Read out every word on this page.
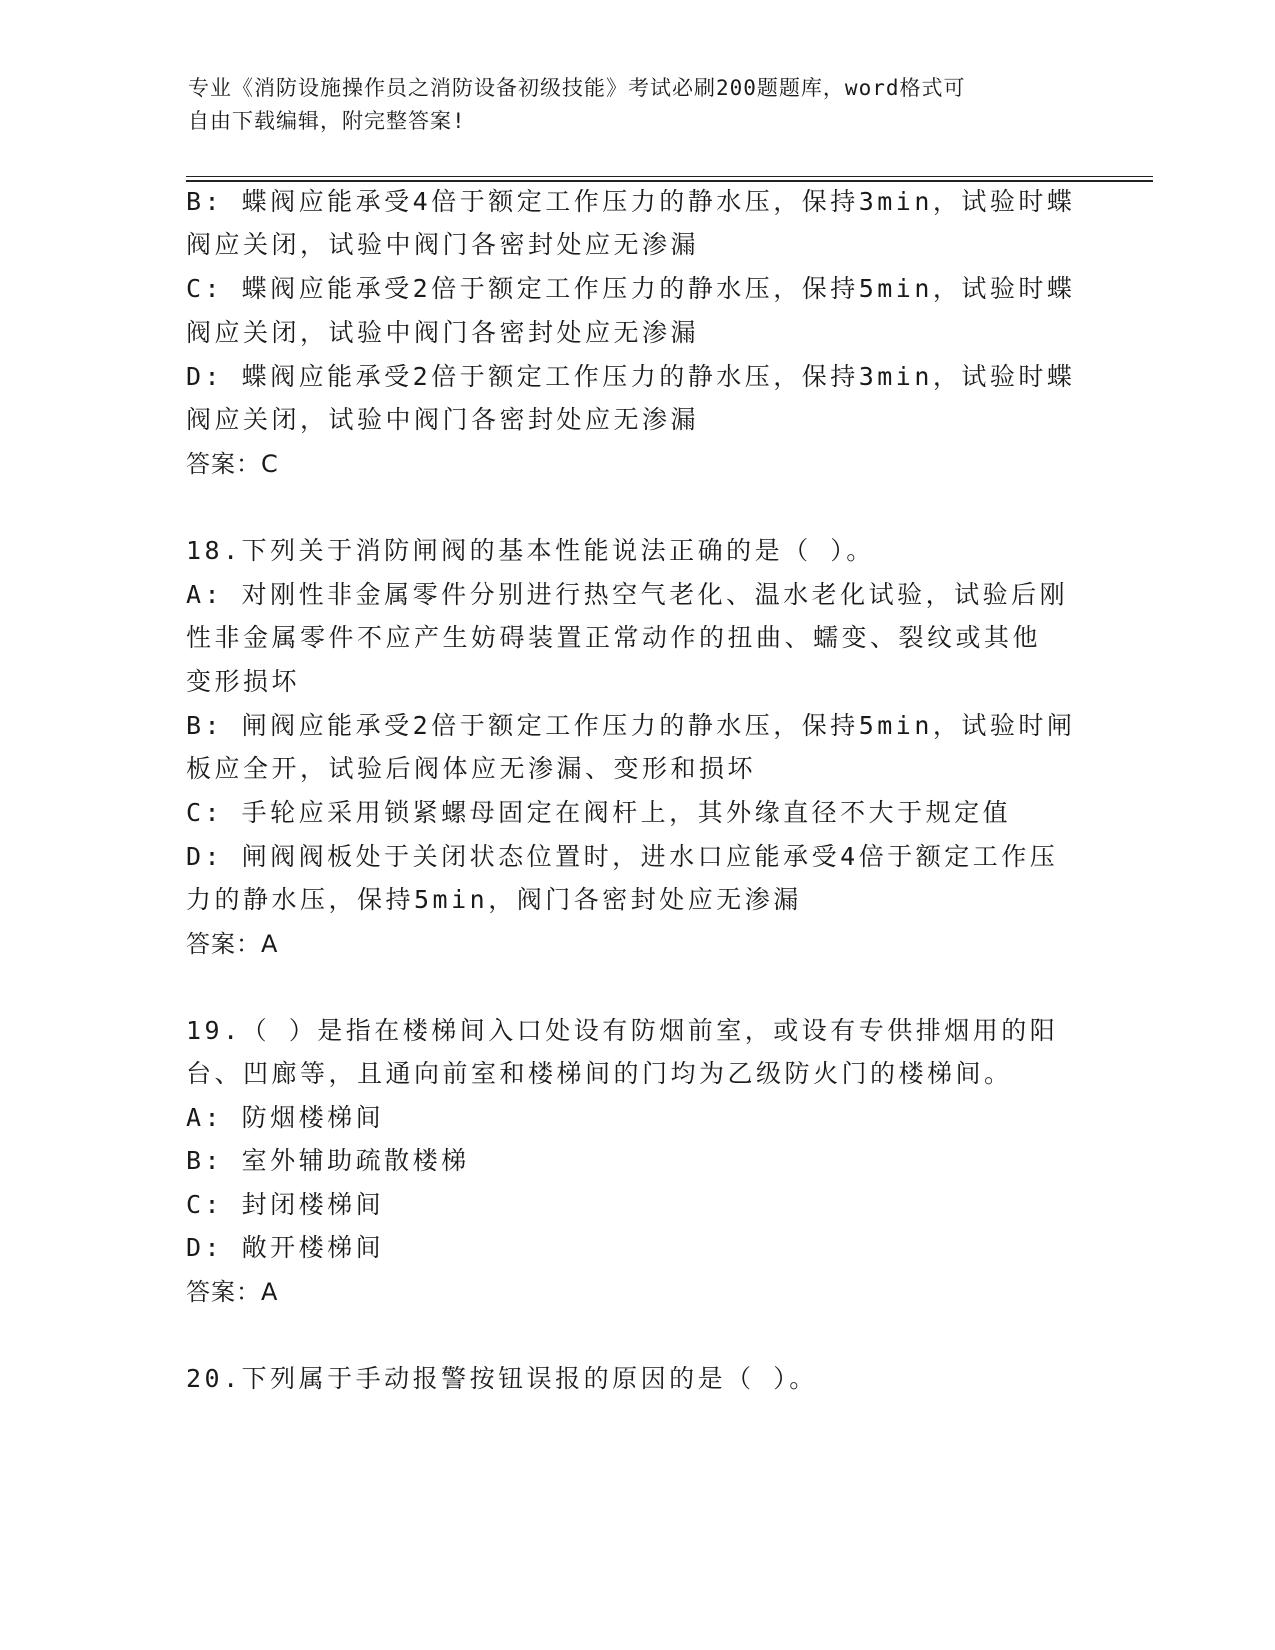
专业《消防设施操作员之消防设备初级技能》考试必刷200题题库，word格式可
自由下载编辑，附完整答案!
B: 蝶阀应能承受4倍于额定工作压力的静水压，保持3min，试验时蝶
阀应关闭，试验中阀门各密封处应无渗漏
C: 蝶阀应能承受2倍于额定工作压力的静水压，保持5min，试验时蝶
阀应关闭，试验中阀门各密封处应无渗漏
D: 蝶阀应能承受2倍于额定工作压力的静水压，保持3min，试验时蝶
阀应关闭，试验中阀门各密封处应无渗漏
答案：C
18.下列关于消防闸阀的基本性能说法正确的是（ ）。
A: 对刚性非金属零件分别进行热空气老化、温水老化试验，试验后刚
性非金属零件不应产生妨碍装置正常动作的扭曲、蠕变、裂纹或其他
变形损坏
B: 闸阀应能承受2倍于额定工作压力的静水压，保持5min，试验时闸
板应全开，试验后阀体应无渗漏、变形和损坏
C: 手轮应采用锁紧螺母固定在阀杆上，其外缘直径不大于规定值
D: 闸阀阀板处于关闭状态位置时，进水口应能承受4倍于额定工作压
力的静水压，保持5min，阀门各密封处应无渗漏
答案：A
19.（ ）是指在楼梯间入口处设有防烟前室，或设有专供排烟用的阳
台、凹廊等，且通向前室和楼梯间的门均为乙级防火门的楼梯间。
A: 防烟楼梯间
B: 室外辅助疏散楼梯
C: 封闭楼梯间
D: 敞开楼梯间
答案：A
20.下列属于手动报警按钮误报的原因的是（ ）。
